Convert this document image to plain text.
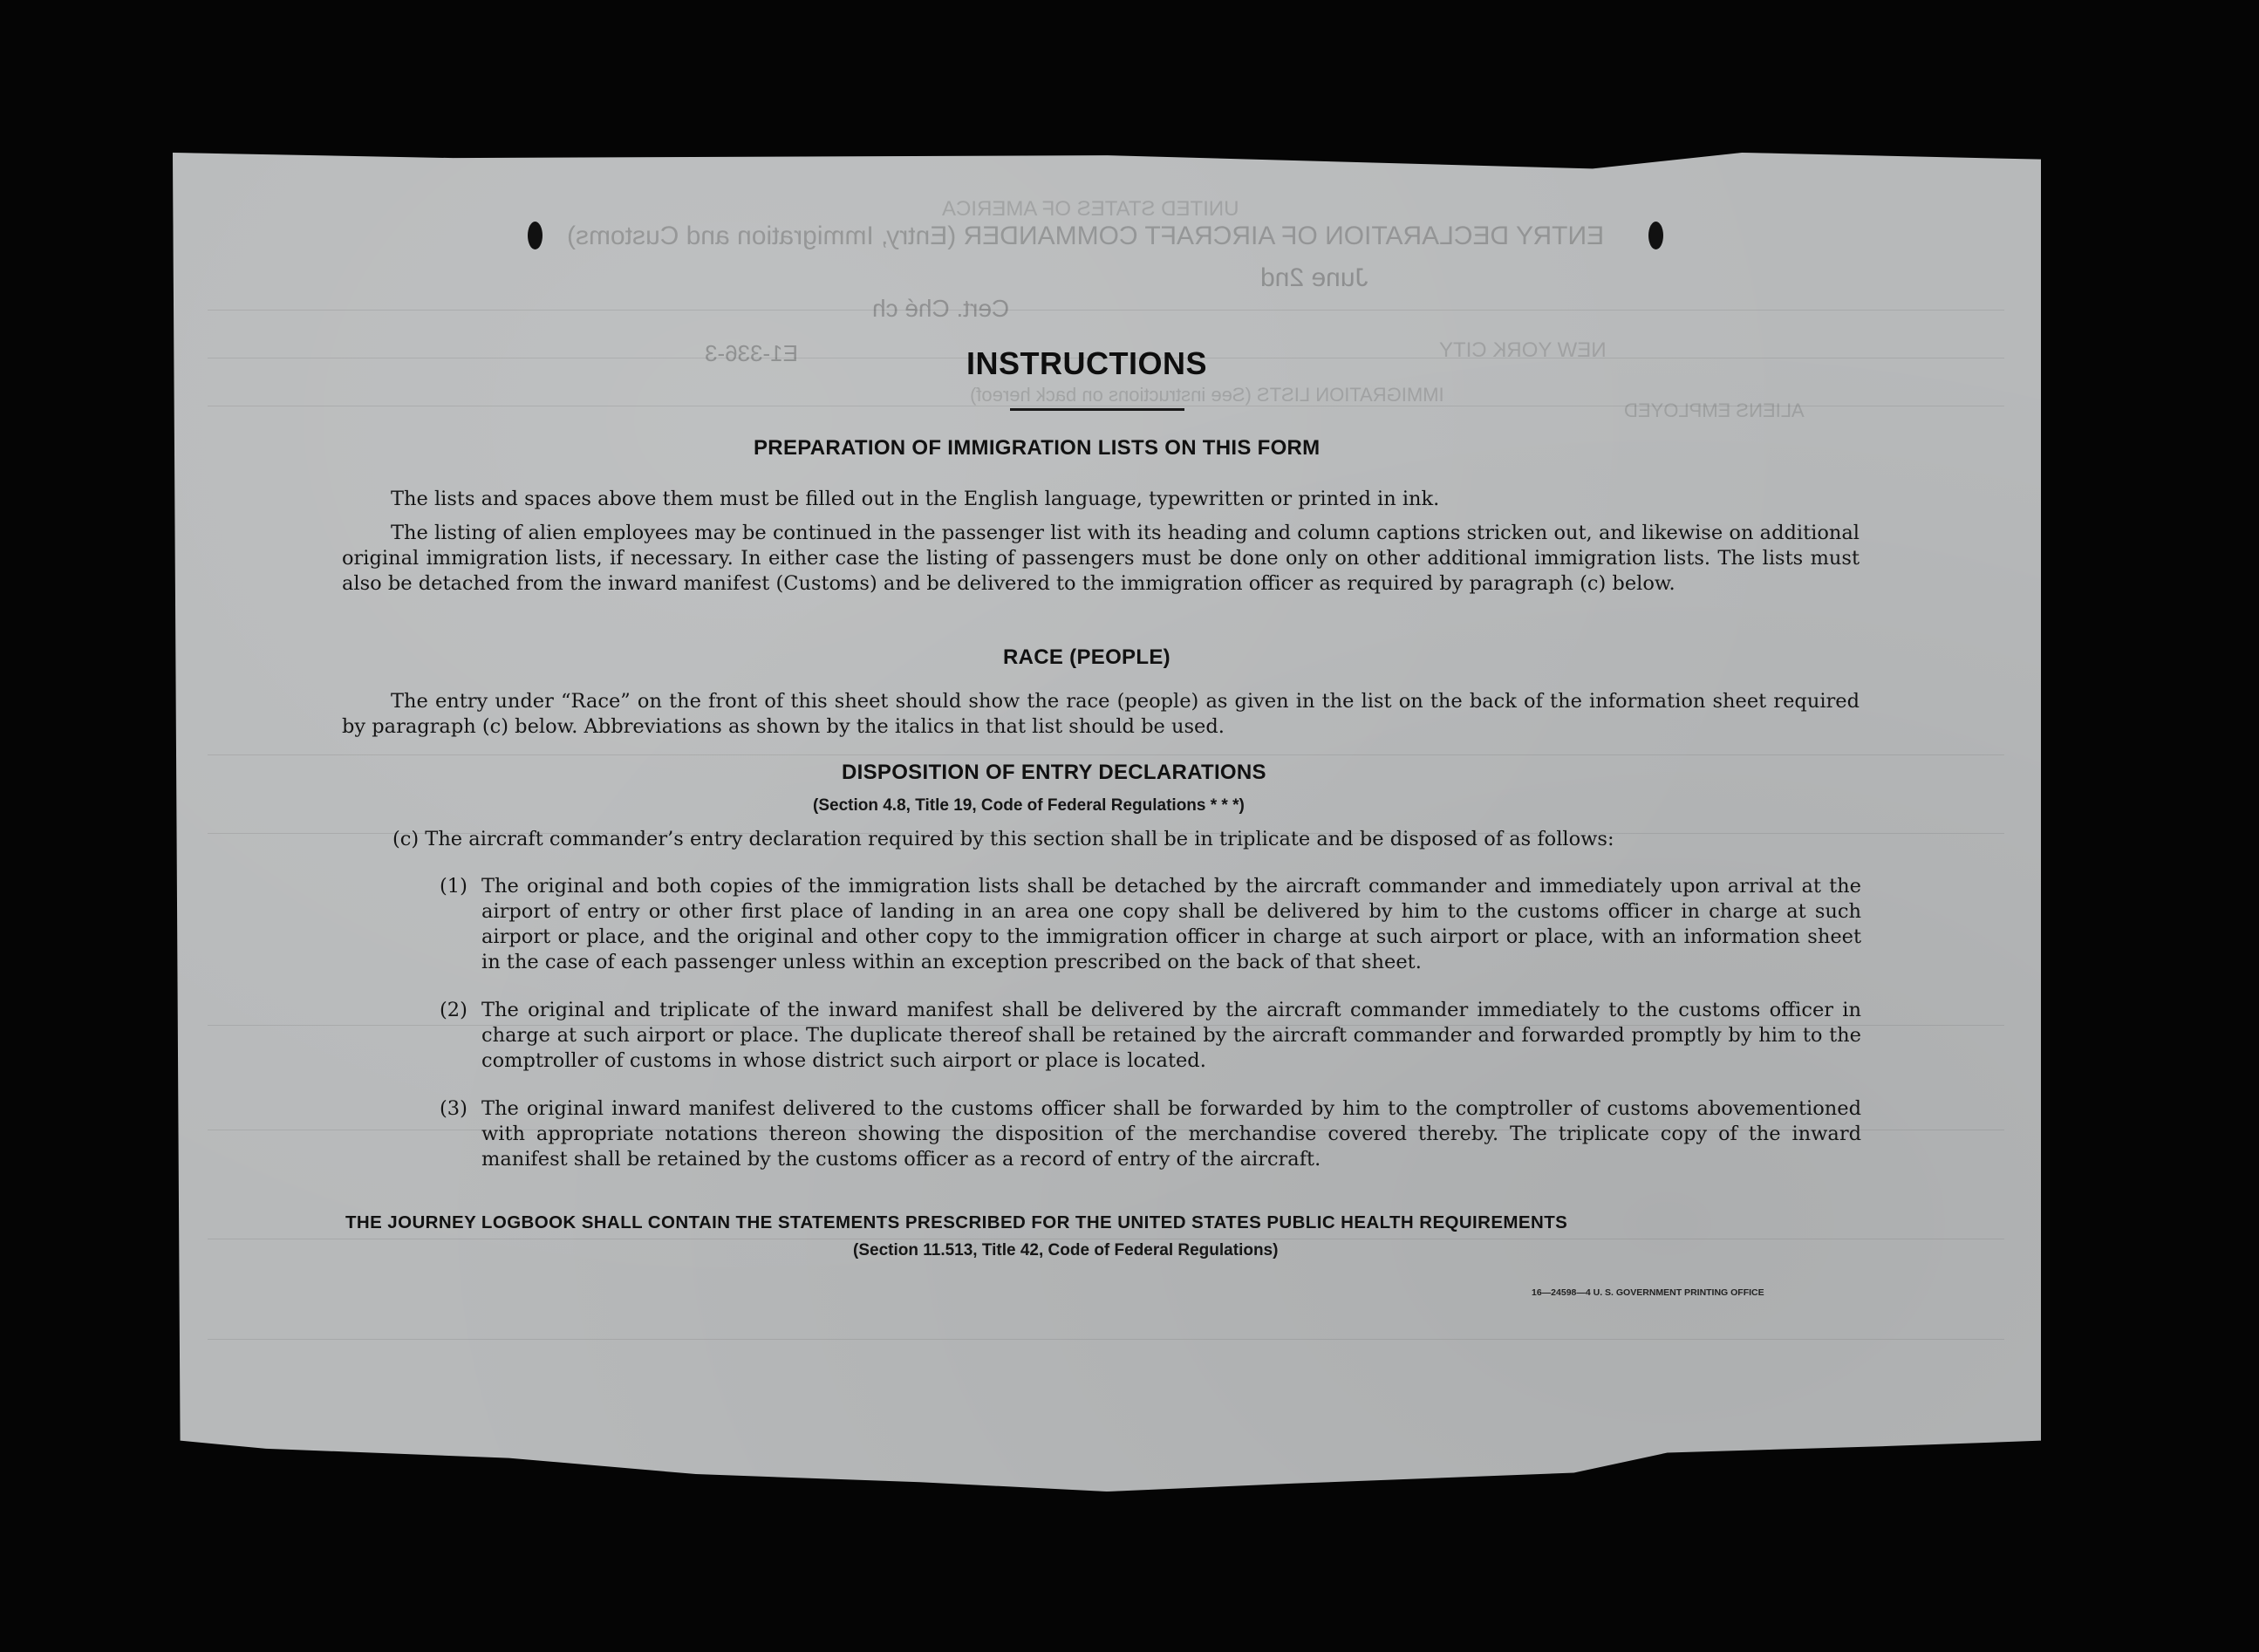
UNITED STATES OF AMERICA
ENTRY DECLARATION OF AIRCRAFT COMMANDER (Entry, Immigration and Customs)
June 2nd
Cert. Ché ch
E1-336-3
IMMIGRATION LISTS (See instructions on back hereof)
ALIENS EMPLOYED
NEW YORK CITY
INSTRUCTIONS
PREPARATION OF IMMIGRATION LISTS ON THIS FORM
The lists and spaces above them must be filled out in the English language, typewritten or printed in ink.
The listing of alien employees may be continued in the passenger list with its heading and column captions stricken out, and likewise on additional original immigration lists, if necessary. In either case the listing of passengers must be done only on other additional immigration lists. The lists must also be detached from the inward manifest (Customs) and be delivered to the immigration officer as required by paragraph (c) below.
RACE (PEOPLE)
The entry under “Race” on the front of this sheet should show the race (people) as given in the list on the back of the information sheet required by paragraph (c) below. Abbreviations as shown by the italics in that list should be used.
DISPOSITION OF ENTRY DECLARATIONS
(Section 4.8, Title 19, Code of Federal Regulations * * *)
(c) The aircraft commander’s entry declaration required by this section shall be in triplicate and be disposed of as follows:
(1) The original and both copies of the immigration lists shall be detached by the aircraft commander and immediately upon arrival at the airport of entry or other first place of landing in an area one copy shall be delivered by him to the customs officer in charge at such airport or place, and the original and other copy to the immigration officer in charge at such airport or place, with an information sheet in the case of each passenger unless within an exception prescribed on the back of that sheet.
(2) The original and triplicate of the inward manifest shall be delivered by the aircraft commander immediately to the customs officer in charge at such airport or place. The duplicate thereof shall be retained by the aircraft commander and forwarded promptly by him to the comptroller of customs in whose district such airport or place is located.
(3) The original inward manifest delivered to the customs officer shall be forwarded by him to the comptroller of customs abovementioned with appropriate notations thereon showing the disposition of the merchandise covered thereby. The triplicate copy of the inward manifest shall be retained by the customs officer as a record of entry of the aircraft.
THE JOURNEY LOGBOOK SHALL CONTAIN THE STATEMENTS PRESCRIBED FOR THE UNITED STATES PUBLIC HEALTH REQUIREMENTS
(Section 11.513, Title 42, Code of Federal Regulations)
16—24598—4 U. S. GOVERNMENT PRINTING OFFICE
